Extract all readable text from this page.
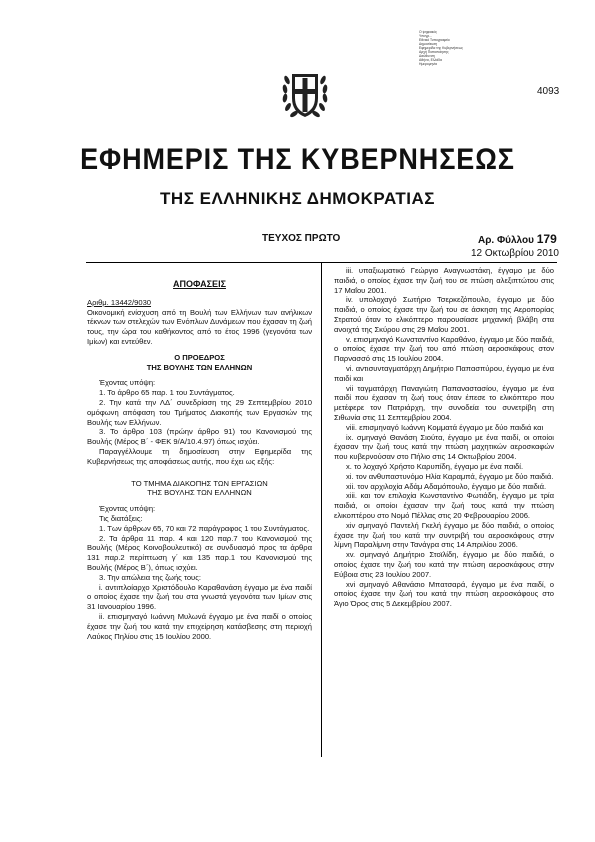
Ο ψηφιακός
Υπογρ...
Εθνικό Τυπογραφείο
Δημοσίευση
Εφημερίδα της Κυβερνήσεως
Αρχή Πιστοποίησης
Διεύθυνση
Αθήνα, Ελλάδα
Ημερομηνία
4093
ΕΦΗΜΕΡΙΣ ΤΗΣ ΚΥΒΕΡΝΗΣΕΩΣ
ΤΗΣ ΕΛΛΗΝΙΚΗΣ ΔΗΜΟΚΡΑΤΙΑΣ
ΤΕΥΧΟΣ ΠΡΩΤΟ	Αρ. Φύλλου 179
12 Οκτωβρίου 2010

ΑΠΟΦΑΣΕΙΣ

Αριθμ. 13442/9030

Οικονομική ενίσχυση από τη Βουλή των Ελλήνων των ανήλικων τέκνων των στελεχών των Ενόπλων Δυνάμεων που έχασαν τη ζωή τους, την ώρα του καθήκοντος από το έτος 1996 (γεγονότα των Ιμίων) και εντεύθεν.

Ο ΠΡΟΕΔΡΟΣ

ΤΗΣ ΒΟΥΛΗΣ ΤΩΝ ΕΛΛΗΝΩΝ

Έχοντας υπόψη:

1. Το άρθρο 65 παρ. 1 του Συντάγματος.

2. Την κατά την ΛΔ΄ συνεδρίαση της 29 Σεπτεμβρίου 2010 ομόφωνη απόφαση του Τμήματος Διακοπής των Εργασιών της Βουλής των Ελλήνων.

3. Το άρθρο 103 (πρώην άρθρο 91) του Κανονισμού της Βουλής (Μέρος Β΄ - ΦΕΚ 9/Α/10.4.97) όπως ισχύει.

Παραγγέλλουμε τη δημοσίευση στην Εφημερίδα της Κυβερνήσεως της αποφάσεως αυτής, που έχει ως εξής:

ΤΟ ΤΜΗΜΑ ΔΙΑΚΟΠΗΣ ΤΩΝ ΕΡΓΑΣΙΩΝ

ΤΗΣ ΒΟΥΛΗΣ ΤΩΝ ΕΛΛΗΝΩΝ

Έχοντας υπόψη:

Τις διατάξεις:

1. Των άρθρων 65, 70 και 72 παράγραφος 1 του Συντάγματος.

2. Τα άρθρα 11 παρ. 4 και 120 παρ.7 του Κανονισμού της Βουλής (Μέρος Κοινοβουλευτικό) σε συνδυασμό προς τα άρθρα 131 παρ.2 περίπτωση γ΄ και 135 παρ.1 του Κανονισμού της Βουλής (Μέρος Β΄), όπως ισχύει.

3. Την απώλεια της ζωής τους:

i. αντιπλοίαρχο Χριστόδουλο Καραθανάση έγγαμο με ένα παιδί ο οποίος έχασε την ζωή του στα γνωστά γεγονότα των Ιμίων στις 31 Ιανουαρίου 1996.

ii. επισμηναγό Ιωάννη Μυλωνά έγγαμο με ένα παιδί ο οποίος έχασε την ζωή του κατά την επιχείρηση κατάσβεσης στη περιοχή Λαύκος Πηλίου στις 15 Ιουλίου 2000.

iii. υπαξιωματικό Γεώργιο Αναγνωστάκη, έγγαμο με δύο παιδιά, ο οποίος έχασε την ζωή του σε πτώση αλεξιπτώτου στις 17 Μαΐου 2001.

iv. υπολοχαγό Σωτήριο Τσερκεζόπουλο, έγγαμο με δύο παιδιά, ο οποίος έχασε την ζωή του σε άσκηση της Αεροπορίας Στρατού όταν το ελικόπτερο παρουσίασε μηχανική βλάβη στα ανοιχτά της Σκύρου στις 29 Μαΐου 2001.

v. επισμηναγό Κωνσταντίνο Καραθάνο, έγγαμο με δύο παιδιά, ο οποίος έχασε την ζωή του από πτώση αεροσκάφους στον Παρνασσό στις 15 Ιουλίου 2004.

vi. αντισυνταγματάρχη Δημήτριο Παπασπύρου, έγγαμο με ένα παιδί και

vii ταγματάρχη Παναγιώτη Παπαναστασίου, έγγαμο με ένα παιδί που έχασαν τη ζωή τους όταν έπεσε το ελικόπτερο που μετέφερε τον Πατριάρχη, την συνοδεία του συνετρίβη στη Σιθωνία στις 11 Σεπτεμβρίου 2004.

viii. επισμηναγό Ιωάννη Κομματά έγγαμο με δύο παιδιά και

ix. σμηναγό Θανάση Σιούτα, έγγαμο με ένα παιδί, οι οποίοι έχασαν την ζωή τους κατά την πτώση μαχητικών αεροσκαφών που κυβερνούσαν στο Πήλιο στις 14 Οκτωβρίου 2004.

x. το λοχαγό Χρήστο Καρυπίδη, έγγαμο με ένα παιδί.

xi. τον ανθυπαστυνόμο Ηλία Καραμπά, έγγαμο με δύο παιδιά.

xii. τον αρχιλοχία Αδάμ Αδαμόπουλο, έγγαμο με δύο παιδιά.

xiii. και τον επιλοχία Κωνσταντίνο Φωτιάδη, έγγαμο με τρία παιδιά, οι οποίοι έχασαν την ζωή τους κατά την πτώση ελικοπτέρου στο Νομό Πέλλας στις 20 Φεβρουαρίου 2006.

xiv σμηναγό Παντελή Γκελή έγγαμο με δύο παιδιά, ο οποίος έχασε την ζωή του κατά την συντριβή του αεροσκάφους στην λίμνη Παραλίμνη στην Τανάγρα στις 14 Απριλίου 2006.

xv. σμηναγό Δημήτριο Στοϊλίδη, έγγαμο με δύο παιδιά, ο οποίος έχασε την ζωή του κατά την πτώση αεροσκάφους στην Εύβοια στις 23 Ιουλίου 2007.

xvi σμηναγό Αθανάσιο Μπατσαρά, έγγαμο με ένα παιδί, ο οποίος έχασε την ζωή του κατά την πτώση αεροσκάφους στο Άγιο Όρος στις 5 Δεκεμβρίου 2007.
